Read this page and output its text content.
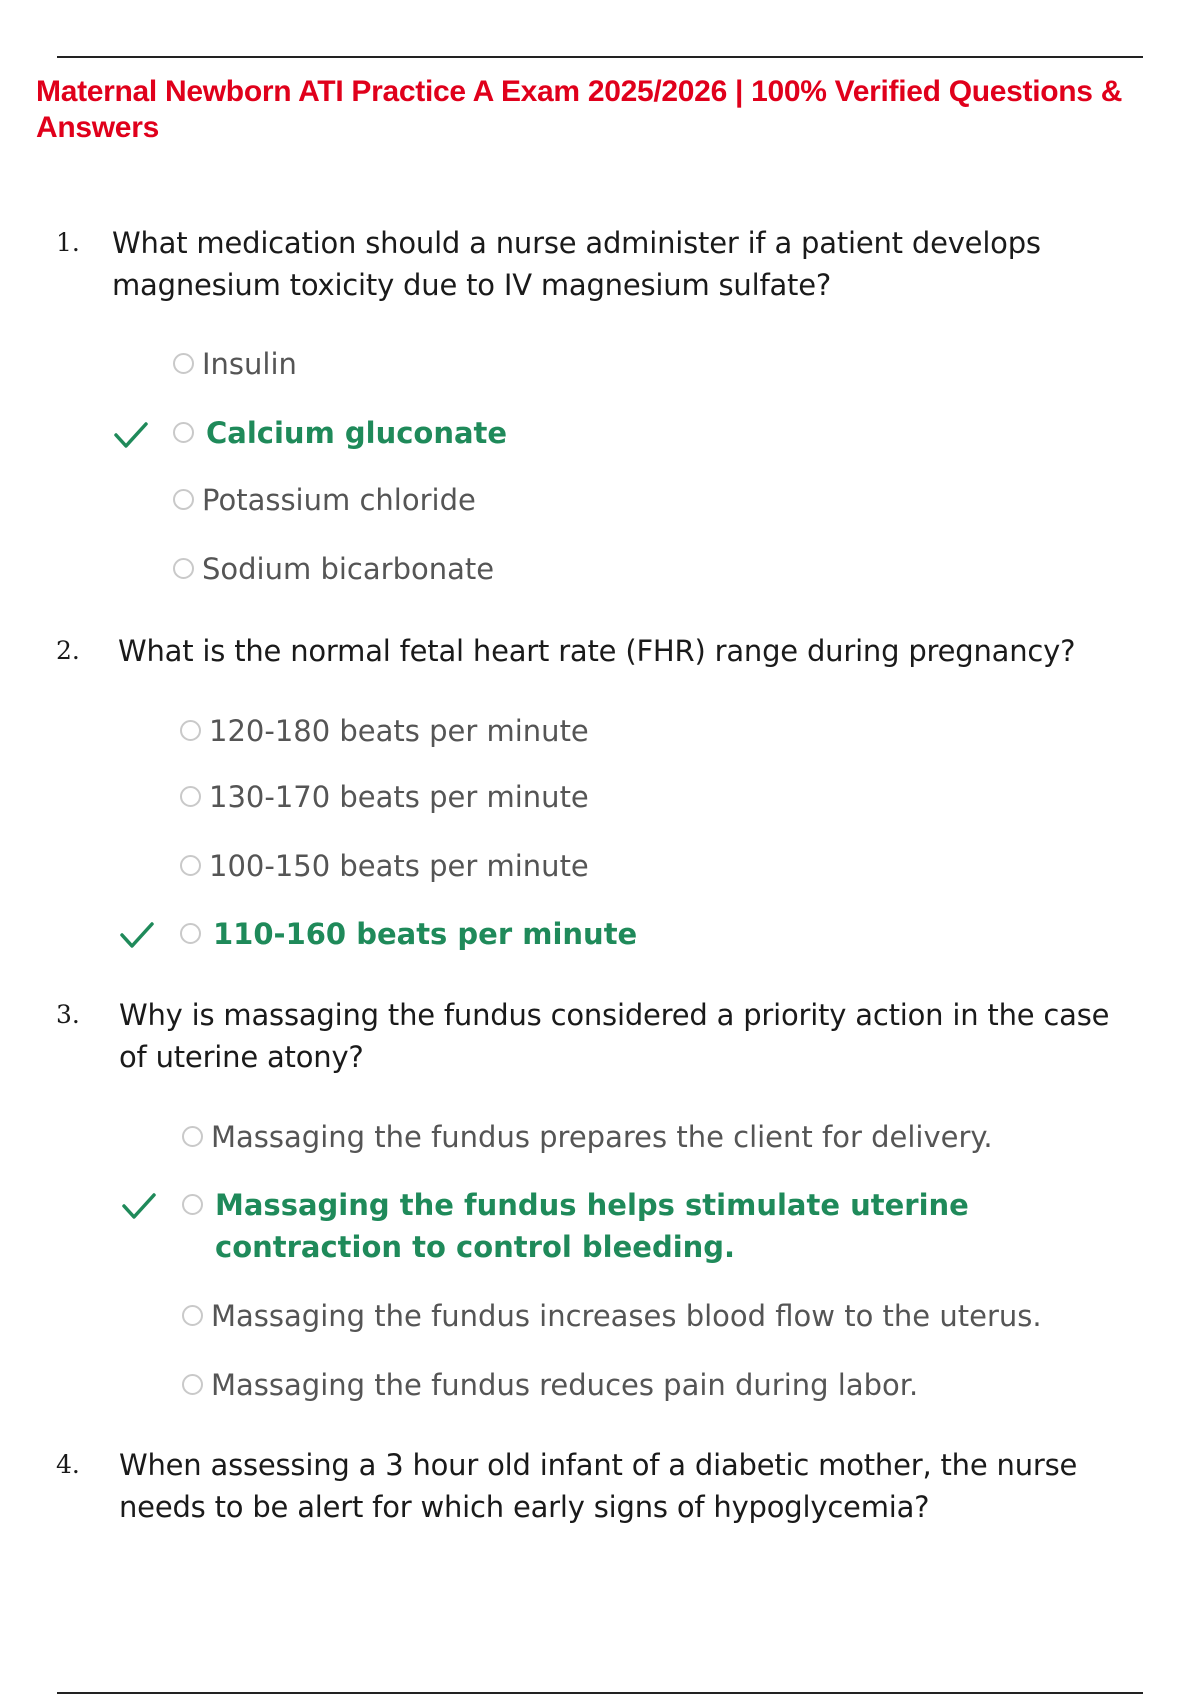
Maternal Newborn ATI Practice A Exam 2025/2026 | 100% Verified Questions & Answers
1. What medication should a nurse administer if a patient develops magnesium toxicity due to IV magnesium sulfate?
Insulin
Calcium gluconate
Potassium chloride
Sodium bicarbonate
2. What is the normal fetal heart rate (FHR) range during pregnancy?
120-180 beats per minute
130-170 beats per minute
100-150 beats per minute
110-160 beats per minute
3. Why is massaging the fundus considered a priority action in the case of uterine atony?
Massaging the fundus prepares the client for delivery.
Massaging the fundus helps stimulate uterine contraction to control bleeding.
Massaging the fundus increases blood flow to the uterus.
Massaging the fundus reduces pain during labor.
4. When assessing a 3 hour old infant of a diabetic mother, the nurse needs to be alert for which early signs of hypoglycemia?
